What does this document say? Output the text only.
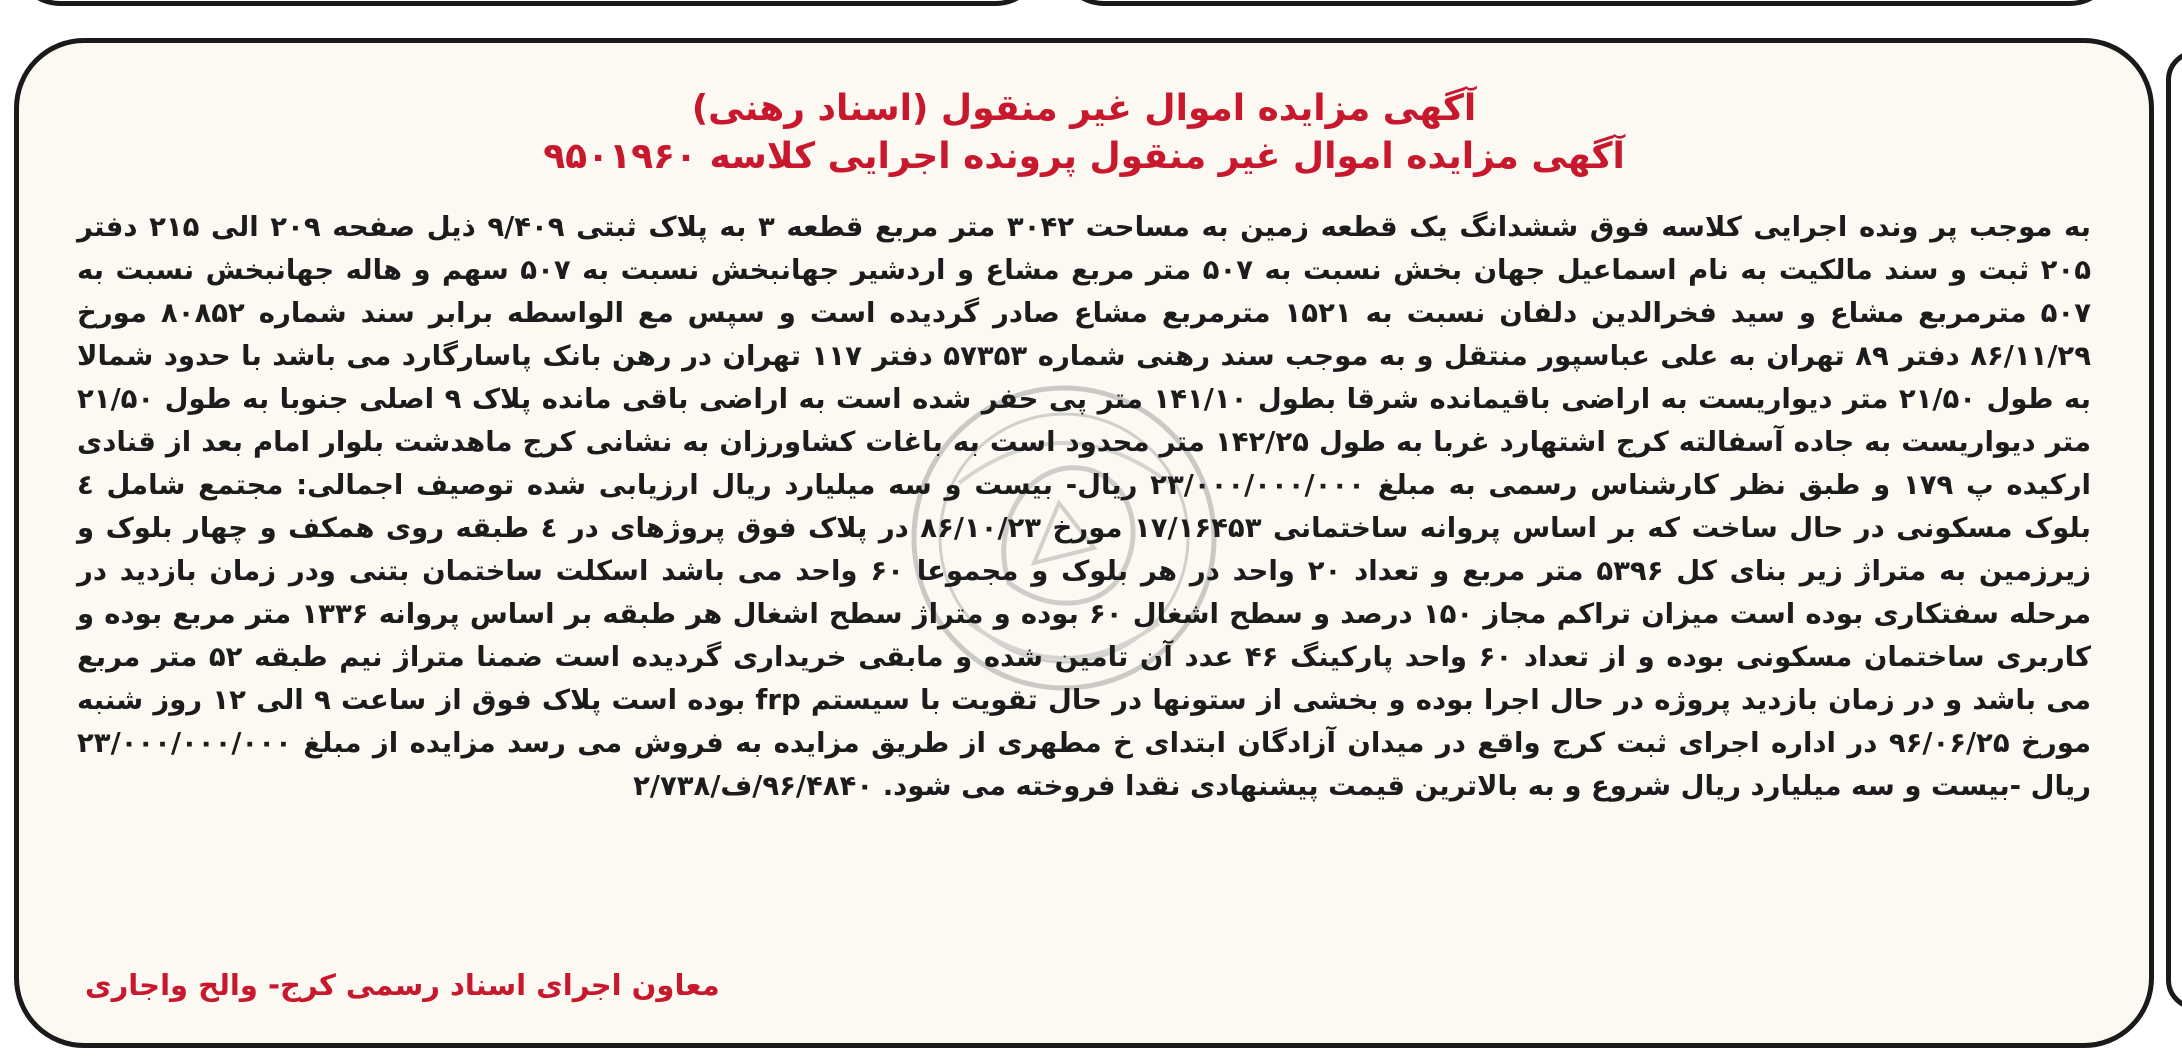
آگهی مزایده اموال غیر منقول (اسناد رهنی)

آگهی مزایده اموال غیر منقول پرونده اجرایی کلاسه ۹۵۰۱۹۶۰

به موجب پر ونده اجرایی کلاسه فوق ششدانگ یک قطعه زمین به مساحت ۳۰۴۲ متر مربع قطعه ۳ به پلاک ثبتی ۹/۴۰۹ ذیل صفحه ۲۰۹ الی ۲۱۵ دفتر ۲۰۵ ثبت و سند مالکیت به نام اسماعیل جهان بخش نسبت به ۵۰۷ متر مربع مشاع و اردشیر جهانبخش نسبت به ۵۰۷ سهم و هاله جهانبخش نسبت به ۵۰۷ مترمربع مشاع و سید فخرالدین دلفان نسبت به ۱۵۲۱ مترمربع مشاع صادر گردیده است و سپس مع الواسطه برابر سند شماره ۸۰۸۵۲ مورخ ۸۶/۱۱/۲۹ دفتر ۸۹ تهران به علی عباسپور منتقل و به موجب سند رهنی شماره ۵۷۳۵۳ دفتر ۱۱۷ تهران در رهن بانک پاسارگارد می باشد با حدود شمالا به طول ۲۱/۵۰ متر دیواریست به اراضی باقیمانده شرقا بطول ۱۴۱/۱۰ متر پی حفر شده است به اراضی باقی مانده پلاک ۹ اصلی جنوبا به طول ۲۱/۵۰ متر دیواریست به جاده آسفالته کرج اشتهارد غربا به طول ۱۴۲/۲۵ متر محدود است به باغات کشاورزان به نشانی کرج ماهدشت بلوار امام بعد از قنادی ارکیده پ ۱۷۹ و طبق نظر کارشناس رسمی به مبلغ ۲۳/۰۰۰/۰۰۰/۰۰۰ ریال- بیست و سه میلیارد ریال ارزیابی شده توصیف اجمالی: مجتمع شامل ٤ بلوک مسکونی در حال ساخت که بر اساس پروانه ساختمانی ۱۷/۱۶۴۵۳ مورخ ۸۶/۱۰/۲۳ در پلاک فوق پروژهای در ٤ طبقه روی همکف و چهار بلوک و زیرزمین به متراژ زیر بنای کل ۵۳۹۶ متر مربع و تعداد ۲۰ واحد در هر بلوک و مجموعا ۶۰ واحد می باشد اسکلت ساختمان بتنی ودر زمان بازدید در مرحله سفتکاری بوده است میزان تراکم مجاز ۱۵۰ درصد و سطح اشغال ۶۰ بوده و متراژ سطح اشغال هر طبقه بر اساس پروانه ۱۳۳۶ متر مربع بوده و کاربری ساختمان مسکونی بوده و از تعداد ۶۰ واحد پارکینگ ۴۶ عدد آن تامین شده و مابقی خریداری گردیده است ضمنا متراژ نیم طبقه ۵۲ متر مربع می باشد و در زمان بازدید پروژه در حال اجرا بوده و بخشی از ستونها در حال تقویت با سیستم frp بوده است پلاک فوق از ساعت ۹ الی ۱۲ روز شنبه مورخ ۹۶/۰۶/۲۵ در اداره اجرای ثبت کرج واقع در میدان آزادگان ابتدای خ مطهری از طریق مزایده به فروش می رسد مزایده از مبلغ ۲۳/۰۰۰/۰۰۰/۰۰۰ ریال -بیست و سه میلیارد ریال شروع و به بالاترین قیمت پیشنهادی نقدا فروخته می شود. ۹۶/۴۸۴۰/ف/۲/۷۳۸

معاون اجرای اسناد رسمی کرج- والح واجاری
